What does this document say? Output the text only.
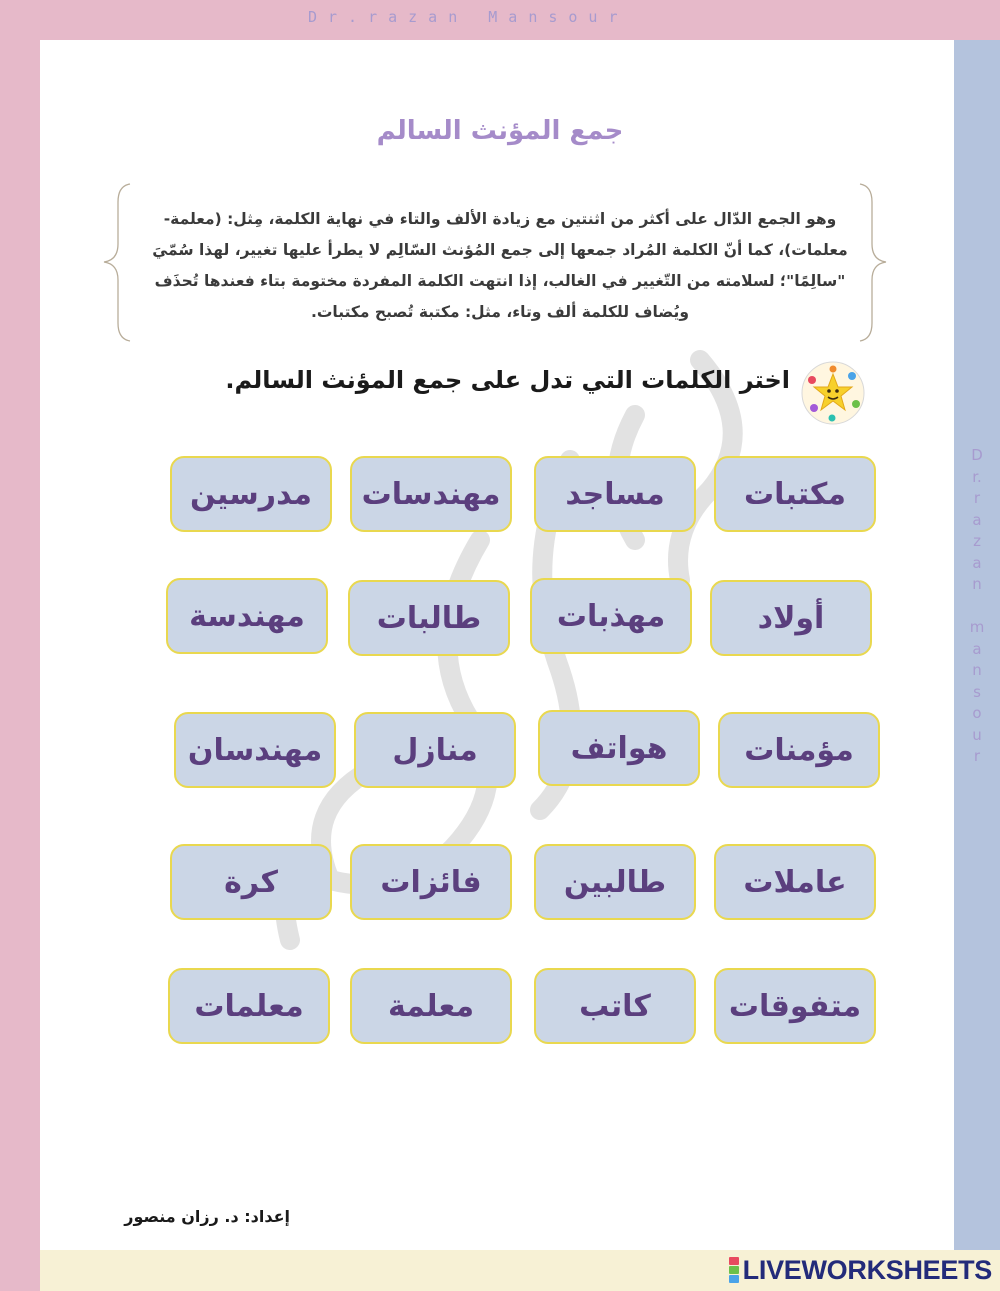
Dr.razan Mansour
D
r.
r
a
z
a
n

m
a
n
s
o
u
r
جمع المؤنث السالم
وهو الجمع الدّال على أكثر من اثنتين مع زيادة الألف والتاء في نهاية الكلمة، مِثل: (معلمة-
معلمات)، كما أنّ الكلمة المُراد جمعها إلى جمع المُؤنث السّالِم لا يطرأ عليها تغيير، لهذا سُمّيَ
"سالِمًا"؛ لسلامته من التّغيير في الغالب، إذا انتهت الكلمة المفردة مختومة بتاء فعندها تُحذَف
ويُضاف للكلمة ألف وتاء، مثل: مكتبة تُصبح مكتبات.
اختر الكلمات التي تدل على جمع المؤنث السالم.
مكتبات
مساجد
مهندسات
مدرسين
أولاد
مهذبات
طالبات
مهندسة
مؤمنات
هواتف
منازل
مهندسان
عاملات
طالبين
فائزات
كرة
متفوقات
كاتب
معلمة
معلمات
إعداد: د. رزان منصور
LIVEWORKSHEETS
